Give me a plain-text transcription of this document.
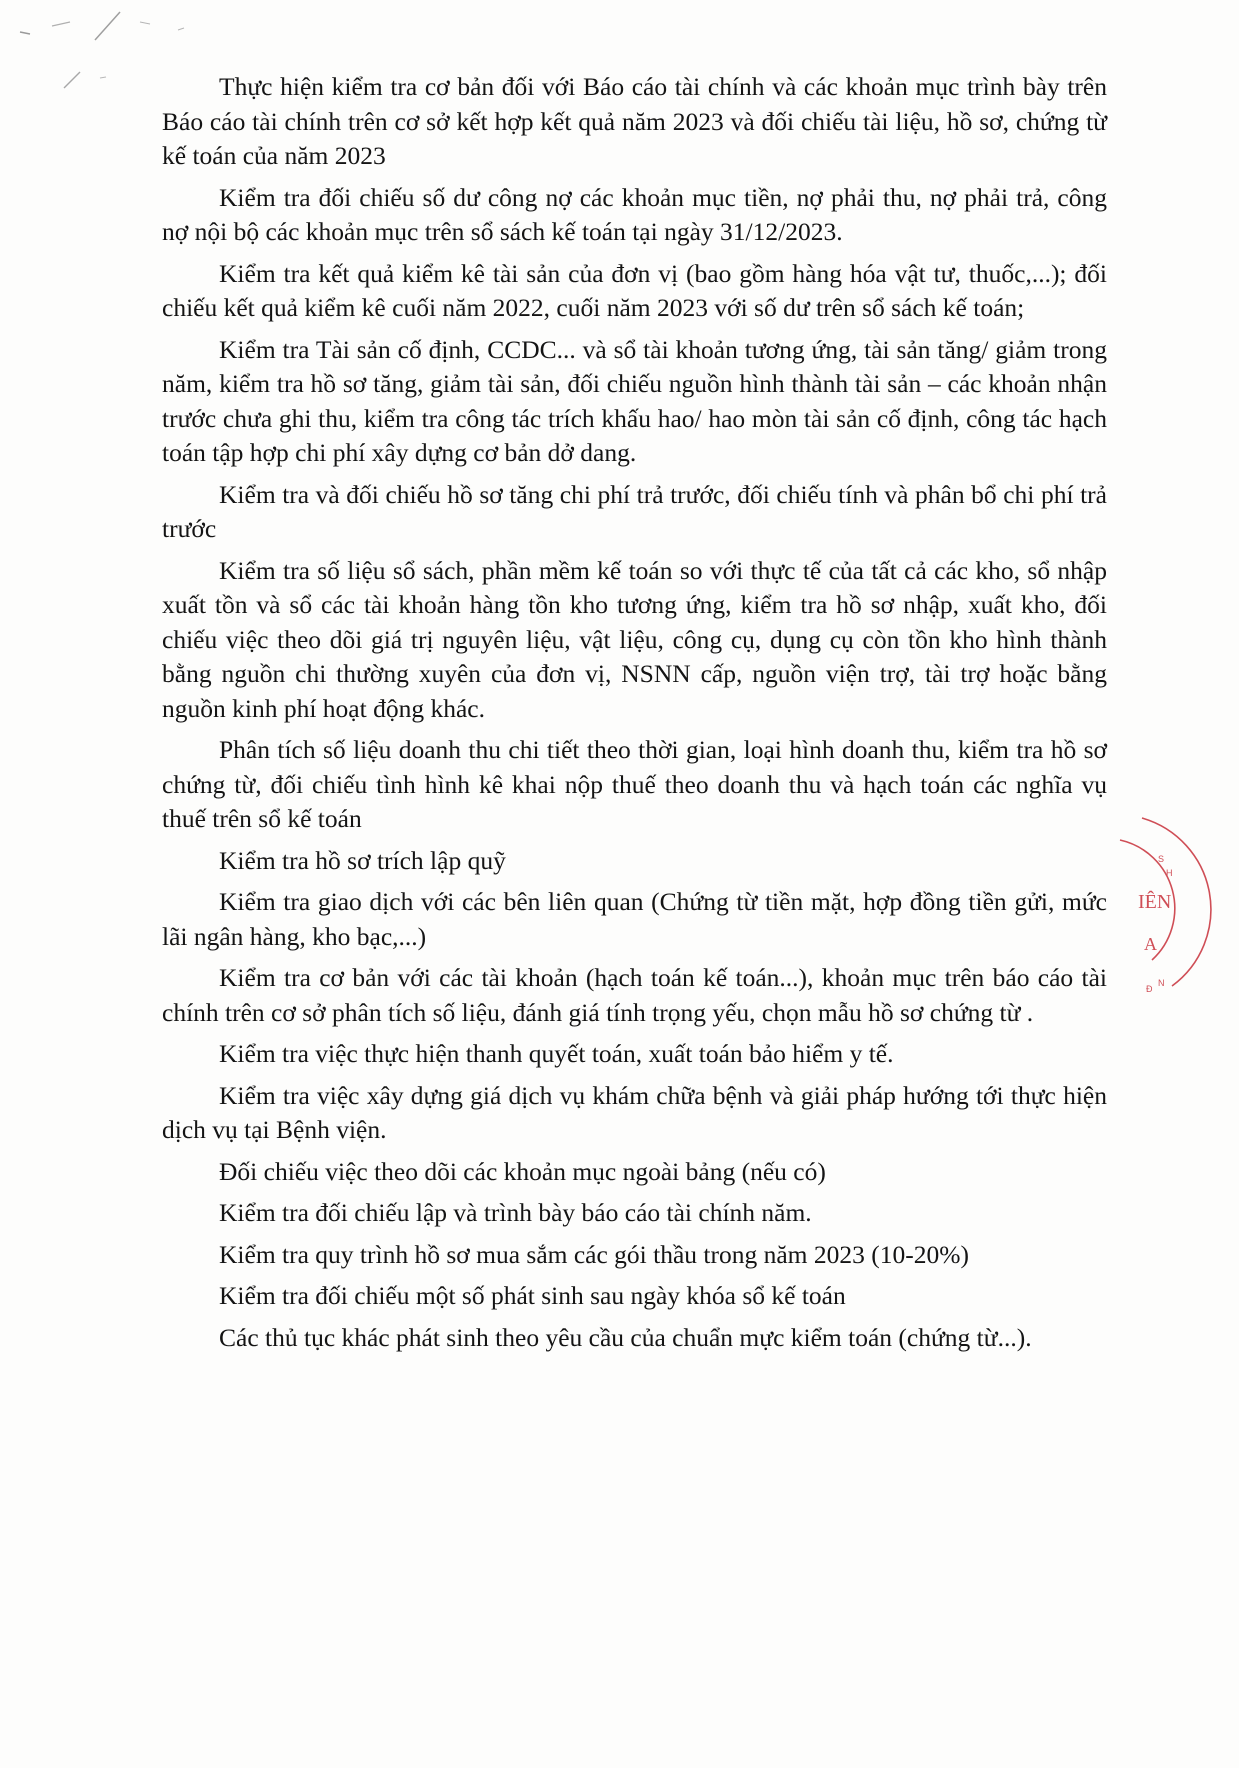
Thực hiện kiểm tra cơ bản đối với Báo cáo tài chính và các khoản mục trình bày trên Báo cáo tài chính trên cơ sở kết hợp kết quả năm 2023 và đối chiếu tài liệu, hồ sơ, chứng từ kế toán của năm 2023

Kiểm tra đối chiếu số dư công nợ các khoản mục tiền, nợ phải thu, nợ phải trả, công nợ nội bộ các khoản mục trên sổ sách kế toán tại ngày 31/12/2023.

Kiểm tra kết quả kiểm kê tài sản của đơn vị (bao gồm hàng hóa vật tư, thuốc,...); đối chiếu kết quả kiểm kê cuối năm 2022, cuối năm 2023 với số dư trên sổ sách kế toán;

Kiểm tra Tài sản cố định, CCDC... và sổ tài khoản tương ứng, tài sản tăng/ giảm trong năm, kiểm tra hồ sơ tăng, giảm tài sản, đối chiếu nguồn hình thành tài sản – các khoản nhận trước chưa ghi thu, kiểm tra công tác trích khấu hao/ hao mòn tài sản cố định, công tác hạch toán tập hợp chi phí xây dựng cơ bản dở dang.

Kiểm tra và đối chiếu hồ sơ tăng chi phí trả trước, đối chiếu tính và phân bổ chi phí trả trước

Kiểm tra số liệu sổ sách, phần mềm kế toán so với thực tế của tất cả các kho, sổ nhập xuất tồn và sổ các tài khoản hàng tồn kho tương ứng, kiểm tra hồ sơ nhập, xuất kho, đối chiếu việc theo dõi giá trị nguyên liệu, vật liệu, công cụ, dụng cụ còn tồn kho hình thành bằng nguồn chi thường xuyên của đơn vị, NSNN cấp, nguồn viện trợ, tài trợ hoặc bằng nguồn kinh phí hoạt động khác.

Phân tích số liệu doanh thu chi tiết theo thời gian, loại hình doanh thu, kiểm tra hồ sơ chứng từ, đối chiếu tình hình kê khai nộp thuế theo doanh thu và hạch toán các nghĩa vụ thuế trên sổ kế toán

Kiểm tra hồ sơ trích lập quỹ

Kiểm tra giao dịch với các bên liên quan (Chứng từ tiền mặt, hợp đồng tiền gửi, mức lãi ngân hàng, kho bạc,...)

Kiểm tra cơ bản với các tài khoản (hạch toán kế toán...), khoản mục trên báo cáo tài chính trên cơ sở phân tích số liệu, đánh giá tính trọng yếu, chọn mẫu hồ sơ chứng từ .

Kiểm tra việc thực hiện thanh quyết toán, xuất toán bảo hiểm y tế.

Kiểm tra việc xây dựng giá dịch vụ khám chữa bệnh và giải pháp hướng tới thực hiện dịch vụ tại Bệnh viện.

Đối chiếu việc theo dõi các khoản mục ngoài bảng (nếu có)

Kiểm tra đối chiếu lập và trình bày báo cáo tài chính năm.

Kiểm tra quy trình hồ sơ mua sắm các gói thầu trong năm 2023 (10-20%)

Kiểm tra đối chiếu một số phát sinh sau ngày khóa sổ kế toán

Các thủ tục khác phát sinh theo yêu cầu của chuẩn mực kiểm toán (chứng từ...).

IÊN
A
S
H
N
Đ
